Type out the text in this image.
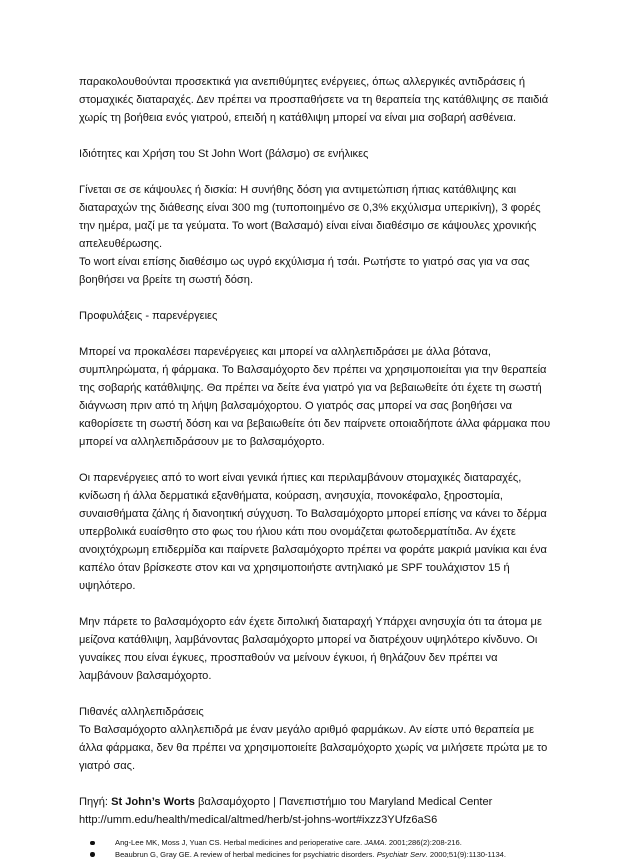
παρακολουθούνται προσεκτικά για ανεπιθύμητες ενέργειες, όπως αλλεργικές αντιδράσεις ή
στομαχικές διαταραχές. Δεν πρέπει να προσπαθήσετε να τη θεραπεία της κατάθλιψης σε παιδιά
χωρίς τη βοήθεια ενός γιατρού, επειδή η κατάθλιψη μπορεί να είναι μια σοβαρή ασθένεια.

Ιδιότητες και Χρήση του St John Wort (βάλσμο) σε ενήλικες

Γίνεται σε σε κάψουλες ή δισκία: Η συνήθης δόση για αντιμετώπιση ήπιας κατάθλιψης και
διαταραχών της διάθεσης είναι 300 mg (τυποποιημένο σε 0,3% εκχύλισμα υπερικίνη), 3 φορές
την ημέρα, μαζί με τα γεύματα. Το wort (Βαλσαμό) είναι είναι διαθέσιμο σε κάψουλες χρονικής
απελευθέρωσης.
Το wort είναι επίσης διαθέσιμο ως υγρό εκχύλισμα ή τσάι. Ρωτήστε το γιατρό σας για να σας
βοηθήσει να βρείτε τη σωστή δόση.

Προφυλάξεις - παρενέργειες

Μπορεί να προκαλέσει παρενέργειες και μπορεί να αλληλεπιδράσει με άλλα βότανα,
συμπληρώματα, ή φάρμακα. Το Βαλσαμόχορτο δεν πρέπει να χρησιμοποιείται για την θεραπεία
της σοβαρής κατάθλιψης. Θα πρέπει να δείτε ένα γιατρό για να βεβαιωθείτε ότι έχετε τη σωστή
διάγνωση πριν από τη λήψη βαλσαμόχορτου. Ο γιατρός σας μπορεί να σας βοηθήσει να
καθορίσετε τη σωστή δόση και να βεβαιωθείτε ότι δεν παίρνετε οποιαδήποτε άλλα φάρμακα που
μπορεί να αλληλεπιδράσουν με το βαλσαμόχορτο.

Οι παρενέργειες από το wort είναι γενικά ήπιες και περιλαμβάνουν στομαχικές διαταραχές,
κνίδωση ή άλλα δερματικά εξανθήματα, κούραση, ανησυχία, πονοκέφαλο, ξηροστομία,
συναισθήματα ζάλης ή διανοητική σύγχυση. Το Βαλσαμόχορτο μπορεί επίσης να κάνει το δέρμα
υπερβολικά ευαίσθητο στο φως του ήλιου κάτι που ονομάζεται φωτοδερματίτιδα. Αν έχετε
ανοιχτόχρωμη επιδερμίδα και παίρνετε βαλσαμόχορτο πρέπει να φοράτε μακριά μανίκια και ένα
καπέλο όταν βρίσκεστε στον και να χρησιμοποιήστε αντηλιακό με SPF τουλάχιστον 15 ή
υψηλότερο.

Μην πάρετε το βαλσαμόχορτο εάν έχετε διπολική διαταραχή Υπάρχει ανησυχία ότι τα άτομα με
μείζονα κατάθλιψη, λαμβάνοντας βαλσαμόχορτο μπορεί να διατρέχουν υψηλότερο κίνδυνο. Οι
γυναίκες που είναι έγκυες, προσπαθούν να μείνουν έγκυοι, ή θηλάζουν δεν πρέπει να
λαμβάνουν βαλσαμόχορτο.

Πιθανές αλληλεπιδράσεις

Το Βαλσαμόχορτο αλληλεπιδρά με έναν μεγάλο αριθμό φαρμάκων. Αν είστε υπό θεραπεία με
άλλα φάρμακα, δεν θα πρέπει να χρησιμοποιείτε βαλσαμόχορτο χωρίς να μιλήσετε πρώτα με το
γιατρό σας.

Πηγή: St John’s Worts βαλσαμόχορτο | Πανεπιστήμιο του Maryland Medical Center
http://umm.edu/health/medical/altmed/herb/st-johns-wort#ixzz3YUfz6aS6

Ang-Lee MK, Moss J, Yuan CS. Herbal medicines and perioperative care. JAMA. 2001;286(2):208-216.
Beaubrun G, Gray GE. A review of herbal medicines for psychiatric disorders. Psychiatr Serv. 2000;51(9):1130-1134.
